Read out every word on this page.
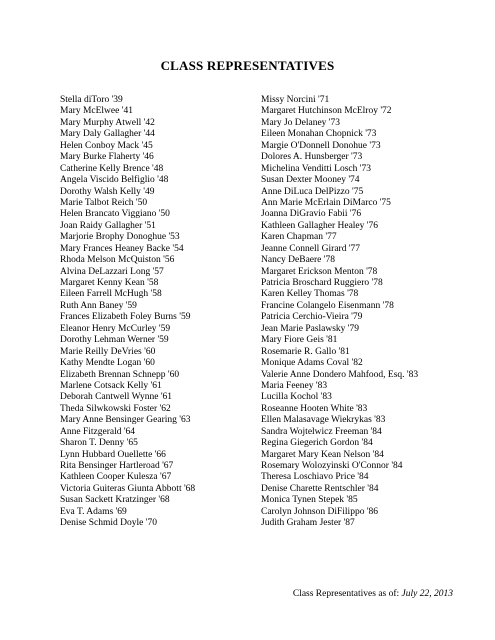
CLASS REPRESENTATIVES
Stella diToro '39
Mary McElwee '41
Mary Murphy Atwell '42
Mary Daly Gallagher '44
Helen Conboy Mack '45
Mary Burke Flaherty '46
Catherine Kelly Brence '48
Angela Viscido Belfiglio '48
Dorothy Walsh Kelly '49
Marie Talbot Reich '50
Helen Brancato Viggiano '50
Joan Raidy Gallagher '51
Marjorie Brophy Donoghue '53
Mary Frances Heaney Backe '54
Rhoda Melson McQuiston '56
Alvina DeLazzari Long '57
Margaret Kenny Kean '58
Eileen Farrell McHugh '58
Ruth Ann Baney '59
Frances Elizabeth Foley Burns '59
Eleanor Henry McCurley '59
Dorothy Lehman Werner '59
Marie Reilly DeVries '60
Kathy Mendte Logan '60
Elizabeth Brennan Schnepp '60
Marlene Cotsack Kelly '61
Deborah Cantwell Wynne '61
Theda Silwkowski Foster '62
Mary Anne Bensinger Gearing '63
Anne Fitzgerald '64
Sharon T. Denny '65
Lynn Hubbard Ouellette '66
Rita Bensinger Hartleroad '67
Kathleen Cooper Kulesza '67
Victoria Guiteras Giunta Abbott '68
Susan Sackett Kratzinger '68
Eva T. Adams '69
Denise Schmid Doyle '70
Missy Norcini '71
Margaret Hutchinson McElroy '72
Mary Jo Delaney '73
Eileen Monahan Chopnick '73
Margie O'Donnell Donohue '73
Dolores A. Hunsberger '73
Michelina Venditti Losch '73
Susan Dexter Mooney '74
Anne DiLuca DelPizzo '75
Ann Marie McErlain DiMarco '75
Joanna DiGravio Fabii '76
Kathleen Gallagher Healey '76
Karen Chapman '77
Jeanne Connell Girard '77
Nancy DeBaere '78
Margaret Erickson Menton '78
Patricia Broschard Ruggiero '78
Karen Kelley Thomas '78
Francine Colangelo Eisenmann '78
Patricia Cerchio-Vieira '79
Jean Marie Paslawsky '79
Mary Fiore Geis '81
Rosemarie R. Gallo '81
Monique Adams Coval '82
Valerie Anne Dondero Mahfood, Esq. '83
Maria Feeney '83
Lucilla Kochol '83
Roseanne Hooten White '83
Ellen Malasavage Wiekrykas '83
Sandra Wojtelwicz Freeman '84
Regina Giegerich Gordon '84
Margaret Mary Kean Nelson '84
Rosemary Wolozyinski O'Connor '84
Theresa Loschiavo Price '84
Denise Charette Rentschler '84
Monica Tynen Stepek '85
Carolyn Johnson DiFilippo '86
Judith Graham Jester '87
Class Representatives as of: July 22, 2013
